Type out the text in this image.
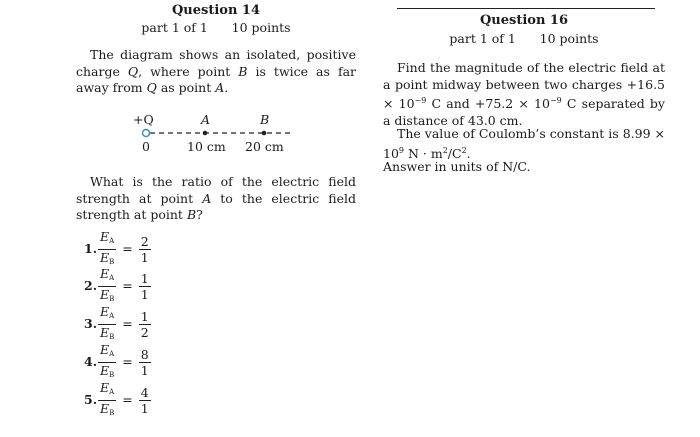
Question 14
part 1 of 1      10 points
The diagram shows an isolated, positive charge Q, where point B is twice as far away from Q as point A.
What is the ratio of the electric field strength at point A to the electric field strength at point B?
+Q	A	B
0	10 cm 20 cm
1. $\frac{E_A}{E_B} = \frac{2}{1}$
2. $\frac{E_A}{E_B} = \frac{1}{1}$
3. $\frac{E_A}{E_B} = \frac{1}{2}$
4. $\frac{E_A}{E_B} = \frac{8}{1}$
5. $\frac{E_A}{E_B} = \frac{4}{1}$
Question 16
part 1 of 1      10 points
Find the magnitude of the electric field at a point midway between two charges $+16.5 \times 10^{-9}$ C and $+75.2 \times 10^{-9}$ C separated by a distance of 43.0 cm.
The value of Coulomb’s constant is $8.99 \times 10^9$ $N \cdot m^2/C^2$.
Answer in units of N/C.
